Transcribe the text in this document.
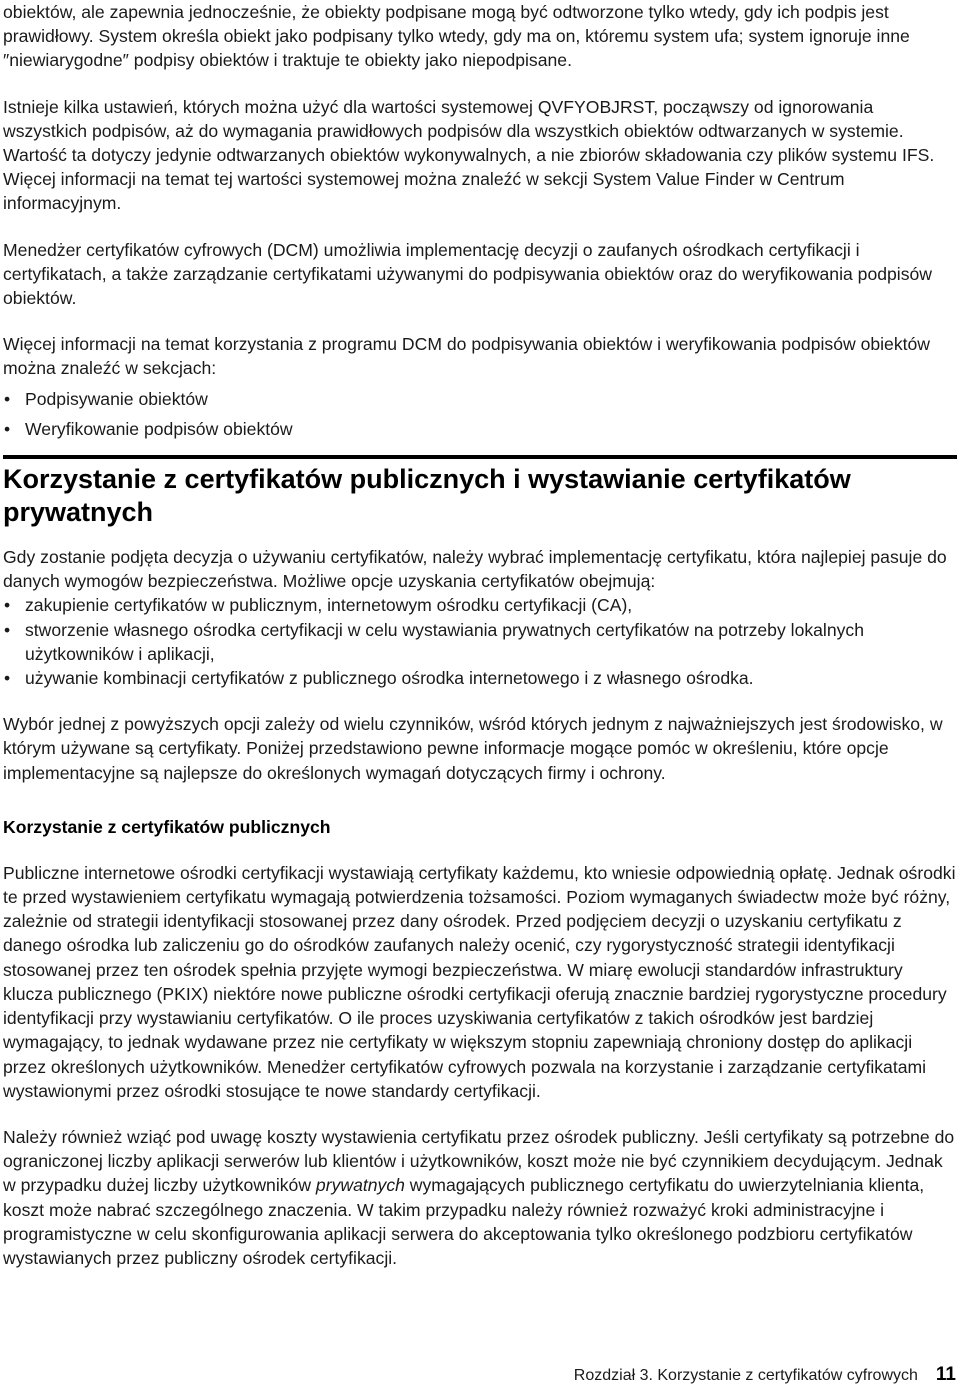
obiektów, ale zapewnia jednocześnie, że obiekty podpisane mogą być odtworzone tylko wtedy, gdy ich podpis jest prawidłowy. System określa obiekt jako podpisany tylko wtedy, gdy ma on, któremu system ufa; system ignoruje inne ″niewiarygodne″ podpisy obiektów i traktuje te obiekty jako niepodpisane.

Istnieje kilka ustawień, których można użyć dla wartości systemowej QVFYOBJRST, począwszy od ignorowania wszystkich podpisów, aż do wymagania prawidłowych podpisów dla wszystkich obiektów odtwarzanych w systemie. Wartość ta dotyczy jedynie odtwarzanych obiektów wykonywalnych, a nie zbiorów składowania czy plików systemu IFS. Więcej informacji na temat tej wartości systemowej można znaleźć w sekcji System Value Finder w Centrum informacyjnym.

Menedżer certyfikatów cyfrowych (DCM) umożliwia implementację decyzji o zaufanych ośrodkach certyfikacji i certyfikatach, a także zarządzanie certyfikatami używanymi do podpisywania obiektów oraz do weryfikowania podpisów obiektów.

Więcej informacji na temat korzystania z programu DCM do podpisywania obiektów i weryfikowania podpisów obiektów można znaleźć w sekcjach:

• Podpisywanie obiektów
• Weryfikowanie podpisów obiektów
Korzystanie z certyfikatów publicznych i wystawianie certyfikatów prywatnych

Gdy zostanie podjęta decyzja o używaniu certyfikatów, należy wybrać implementację certyfikatu, która najlepiej pasuje do danych wymogów bezpieczeństwa. Możliwe opcje uzyskania certyfikatów obejmują:

• zakupienie certyfikatów w publicznym, internetowym ośrodku certyfikacji (CA),
• stworzenie własnego ośrodka certyfikacji w celu wystawiania prywatnych certyfikatów na potrzeby lokalnych użytkowników i aplikacji,
• używanie kombinacji certyfikatów z publicznego ośrodka internetowego i z własnego ośrodka.

Wybór jednej z powyższych opcji zależy od wielu czynników, wśród których jednym z najważniejszych jest środowisko, w którym używane są certyfikaty. Poniżej przedstawiono pewne informacje mogące pomóc w określeniu, które opcje implementacyjne są najlepsze do określonych wymagań dotyczących firmy i ochrony.

Korzystanie z certyfikatów publicznych

Publiczne internetowe ośrodki certyfikacji wystawiają certyfikaty każdemu, kto wniesie odpowiednią opłatę. Jednak ośrodki te przed wystawieniem certyfikatu wymagają potwierdzenia tożsamości. Poziom wymaganych świadectw może być różny, zależnie od strategii identyfikacji stosowanej przez dany ośrodek. Przed podjęciem decyzji o uzyskaniu certyfikatu z danego ośrodka lub zaliczeniu go do ośrodków zaufanych należy ocenić, czy rygorystyczność strategii identyfikacji stosowanej przez ten ośrodek spełnia przyjęte wymogi bezpieczeństwa. W miarę ewolucji standardów infrastruktury klucza publicznego (PKIX) niektóre nowe publiczne ośrodki certyfikacji oferują znacznie bardziej rygorystyczne procedury identyfikacji przy wystawianiu certyfikatów. O ile proces uzyskiwania certyfikatów z takich ośrodków jest bardziej wymagający, to jednak wydawane przez nie certyfikaty w większym stopniu zapewniają chroniony dostęp do aplikacji przez określonych użytkowników. Menedżer certyfikatów cyfrowych pozwala na korzystanie i zarządzanie certyfikatami wystawionymi przez ośrodki stosujące te nowe standardy certyfikacji.

Należy również wziąć pod uwagę koszty wystawienia certyfikatu przez ośrodek publiczny. Jeśli certyfikaty są potrzebne do ograniczonej liczby aplikacji serwerów lub klientów i użytkowników, koszt może nie być czynnikiem decydującym. Jednak w przypadku dużej liczby użytkowników prywatnych wymagających publicznego certyfikatu do uwierzytelniania klienta, koszt może nabrać szczególnego znaczenia. W takim przypadku należy również rozważyć kroki administracyjne i programistyczne w celu skonfigurowania aplikacji serwera do akceptowania tylko określonego podzbioru certyfikatów wystawianych przez publiczny ośrodek certyfikacji.

Rozdział 3. Korzystanie z certyfikatów cyfrowych 11
